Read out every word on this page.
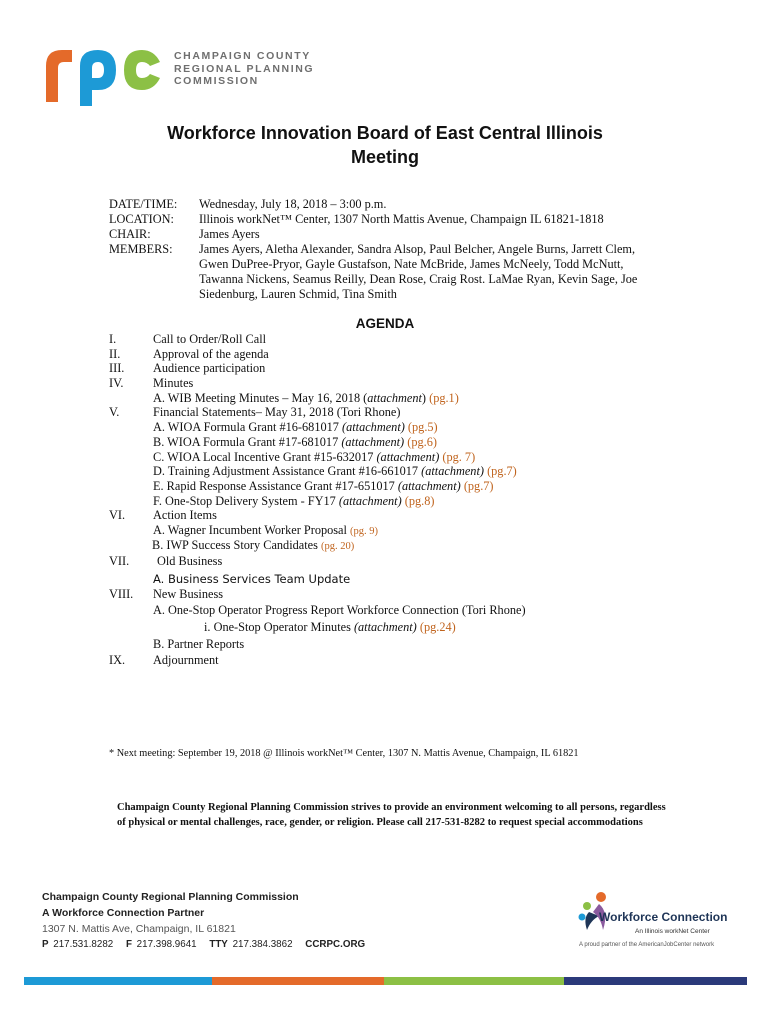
CHAMPAIGN COUNTY
REGIONAL PLANNING
COMMISSION
Workforce Innovation Board of East Central Illinois
Meeting
DATE/TIME:	Wednesday, July 18, 2018 – 3:00 p.m.
LOCATION:	Illinois workNet™ Center, 1307 North Mattis Avenue, Champaign IL 61821-1818
CHAIR:	James Ayers
MEMBERS:	James Ayers, Aletha Alexander, Sandra Alsop, Paul Belcher, Angele Burns, Jarrett Clem,
Gwen DuPree-Pryor, Gayle Gustafson, Nate McBride, James McNeely, Todd McNutt,
Tawanna Nickens, Seamus Reilly, Dean Rose, Craig Rost. LaMae Ryan, Kevin Sage, Joe
Siedenburg, Lauren Schmid, Tina Smith
AGENDA
I.	Call to Order/Roll Call
II.	Approval of the agenda
III. Audience participation
IV. Minutes
A. WIB Meeting Minutes – May 16, 2018 (attachment) (pg.1)
V.	Financial Statements– May 31, 2018 (Tori Rhone)
A. WIOA Formula Grant #16-681017 (attachment) (pg.5)
B. WIOA Formula Grant #17-681017 (attachment) (pg.6)
C. WIOA Local Incentive Grant #15-632017 (attachment) (pg. 7)
D. Training Adjustment Assistance Grant #16-661017 (attachment) (pg.7)
E. Rapid Response Assistance Grant #17-651017 (attachment) (pg.7)
F. One-Stop Delivery System - FY17 (attachment) (pg.8)
VI. Action Items
A. Wagner Incumbent Worker Proposal (pg. 9)
B. IWP Success Story Candidates (pg. 20)
VII. Old Business
A. Business Services Team Update
VIII. New Business
A. One-Stop Operator Progress Report Workforce Connection (Tori Rhone)
i. One-Stop Operator Minutes (attachment) (pg.24)
B. Partner Reports
IX. Adjournment
* Next meeting: September 19, 2018 @ Illinois workNet™ Center, 1307 N. Mattis Avenue, Champaign, IL 61821
Champaign County Regional Planning Commission strives to provide an environment welcoming to all persons, regardless of physical or mental challenges, race, gender, or religion. Please call 217-531-8282 to request special accommodations
Champaign County Regional Planning Commission
A Workforce Connection Partner
1307 N. Mattis Ave, Champaign, IL 61821
P 217.531.8282 F 217.398.9641 TTY 217.384.3862 CCRPC.ORG
Workforce Connection
An Illinois workNet Center
A proud partner of the AmericanJobCenter network
